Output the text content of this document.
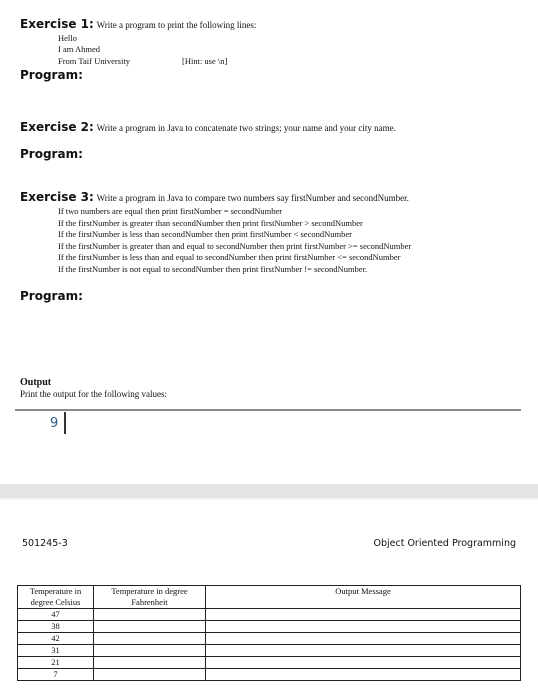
Exercise 1: Write a program to print the following lines:
Hello
I am Ahmed
From Taif University	[Hint: use \n]
Program:
Exercise 2: Write a program in Java to concatenate two strings; your name and your city name.
Program:
Exercise 3: Write a program in Java to compare two numbers say firstNumber and secondNumber.
If two numbers are equal then print firstNumber = secondNumber
If the firstNumber is greater than secondNumber then print firstNumber > secondNumber
If the firstNumber is less than secondNumber then print firstNumber < secondNumber
If the firstNumber is greater than and equal to secondNumber then print firstNumber >= secondNumber
If the firstNumber is less than and equal to secondNumber then print firstNumber <= secondNumber
If the firstNumber is not equal to secondNumber then print firstNumber != secondNumber.
Program:
Output
Print the output for the following values:
9
501245-3	Object Oriented Programming
Temperature in degree Celsius	Temperature in degree Fahrenheit	Output Message
47		
38		
42		
31		
21		
7		
